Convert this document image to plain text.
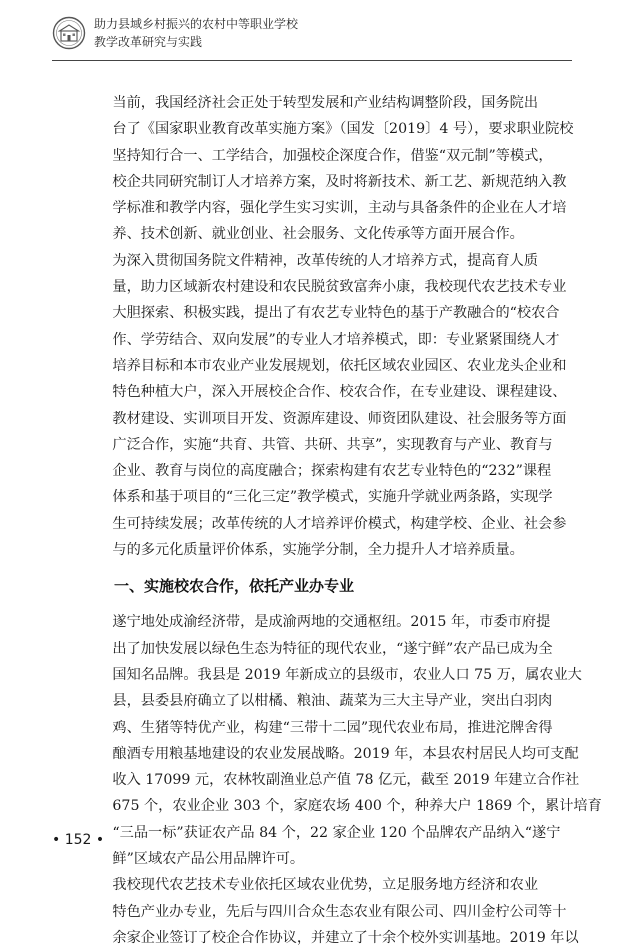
助力县域乡村振兴的农村中等职业学校
教学改革研究与实践

当前，我国经济社会正处于转型发展和产业结构调整阶段，国务院出
台了《国家职业教育改革实施方案》（国发〔2019〕4 号），要求职业院校
坚持知行合一、工学结合，加强校企深度合作，借鉴“双元制”等模式，
校企共同研究制订人才培养方案，及时将新技术、新工艺、新规范纳入教
学标准和教学内容，强化学生实习实训，主动与具备条件的企业在人才培
养、技术创新、就业创业、社会服务、文化传承等方面开展合作。

为深入贯彻国务院文件精神，改革传统的人才培养方式，提高育人质
量，助力区域新农村建设和农民脱贫致富奔小康，我校现代农艺技术专业
大胆探索、积极实践，提出了有农艺专业特色的基于产教融合的“校农合
作、学劳结合、双向发展”的专业人才培养模式，即：专业紧紧围绕人才
培养目标和本市农业产业发展规划，依托区域农业园区、农业龙头企业和
特色种植大户，深入开展校企合作、校农合作，在专业建设、课程建设、
教材建设、实训项目开发、资源库建设、师资团队建设、社会服务等方面
广泛合作，实施“共育、共管、共研、共享”，实现教育与产业、教育与
企业、教育与岗位的高度融合；探索构建有农艺专业特色的“232”课程
体系和基于项目的“三化三定”教学模式，实施升学就业两条路，实现学
生可持续发展；改革传统的人才培养评价模式，构建学校、企业、社会参
与的多元化质量评价体系，实施学分制，全力提升人才培养质量。

一、实施校农合作，依托产业办专业

遂宁地处成渝经济带，是成渝两地的交通枢纽。2015 年，市委市府提
出了加快发展以绿色生态为特征的现代农业，“遂宁鲜”农产品已成为全
国知名品牌。我县是 2019 年新成立的县级市，农业人口 75 万，属农业大
县，县委县府确立了以柑橘、粮油、蔬菜为三大主导产业，突出白羽肉
鸡、生猪等特优产业，构建“三带十二园”现代农业布局，推进沱牌舍得
酿酒专用粮基地建设的农业发展战略。2019 年，本县农村居民人均可支配
收入 17099 元，农林牧副渔业总产值 78 亿元，截至 2019 年建立合作社
675 个，农业企业 303 个，家庭农场 400 个，种养大户 1869 个，累计培育
“三品一标”获证农产品 84 个，22 家企业 120 个品牌农产品纳入“遂宁
鲜”区域农产品公用品牌许可。

我校现代农艺技术专业依托区域农业优势，立足服务地方经济和农业
特色产业办专业，先后与四川合众生态农业有限公司、四川金柠公司等十
余家企业签订了校企合作协议，并建立了十余个校外实训基地。2019 年以

• 152 •
